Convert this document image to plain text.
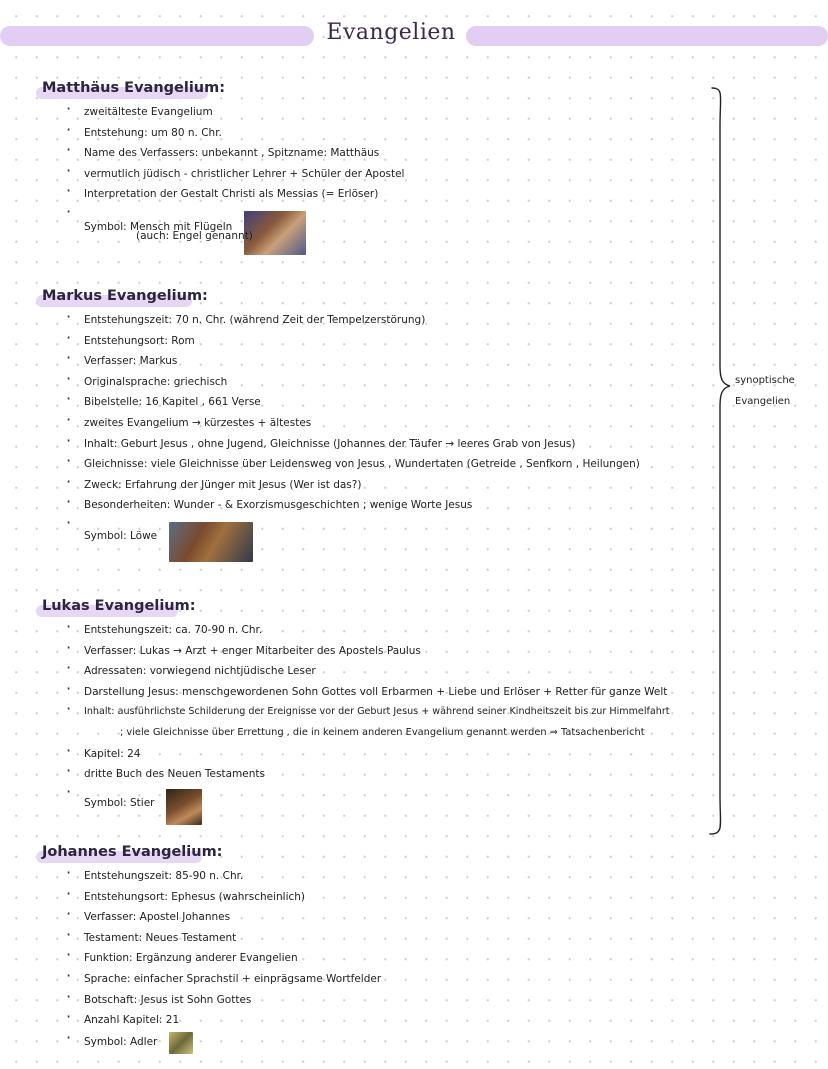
Evangelien
Matthäus Evangelium:
· zweitälteste Evangelium
· Entstehung: um 80 n. Chr.
· Name des Verfassers: unbekannt , Spitzname: Matthäus
· vermutlich jüdisch - christlicher Lehrer + Schüler der Apostel
· Interpretation der Gestalt Christi als Messias (= Erlöser)
· Symbol: Mensch mit Flügeln
(auch: Engel genannt)
Markus Evangelium:
· Entstehungszeit: 70 n. Chr. (während Zeit der Tempelzerstörung)
· Entstehungsort: Rom
· Verfasser: Markus
· Originalsprache: griechisch
· Bibelstelle: 16 Kapitel , 661 Verse
· zweites Evangelium → kürzestes + ältestes
· Inhalt: Geburt Jesus , ohne Jugend, Gleichnisse (Johannes der Täufer → leeres Grab von Jesus)
· Gleichnisse: viele Gleichnisse über Leidensweg von Jesus , Wundertaten (Getreide , Senfkorn , Heilungen)
· Zweck: Erfahrung der Jünger mit Jesus (Wer ist das?)
· Besonderheiten: Wunder - & Exorzismusgeschichten ; wenige Worte Jesus
· Symbol: Löwe
Lukas Evangelium:
· Entstehungszeit: ca. 70-90 n. Chr.
· Verfasser: Lukas → Arzt + enger Mitarbeiter des Apostels Paulus
· Adressaten: vorwiegend nichtjüdische Leser
· Darstellung Jesus: menschgewordenen Sohn Gottes voll Erbarmen + Liebe und Erlöser + Retter für ganze Welt
· Inhalt: ausführlichste Schilderung der Ereignisse vor der Geburt Jesus + während seiner Kindheitszeit bis zur Himmelfahrt
; viele Gleichnisse über Errettung , die in keinem anderen Evangelium genannt werden ⇒ Tatsachenbericht
· Kapitel: 24
· dritte Buch des Neuen Testaments
· Symbol: Stier
Johannes Evangelium:
· Entstehungszeit: 85-90 n. Chr.
· Entstehungsort: Ephesus (wahrscheinlich)
· Verfasser: Apostel Johannes
· Testament: Neues Testament
· Funktion: Ergänzung anderer Evangelien
· Sprache: einfacher Sprachstil + einprägsame Wortfelder
· Botschaft: Jesus ist Sohn Gottes
· Anzahl Kapitel: 21
· Symbol: Adler
synoptische
Evangelien
